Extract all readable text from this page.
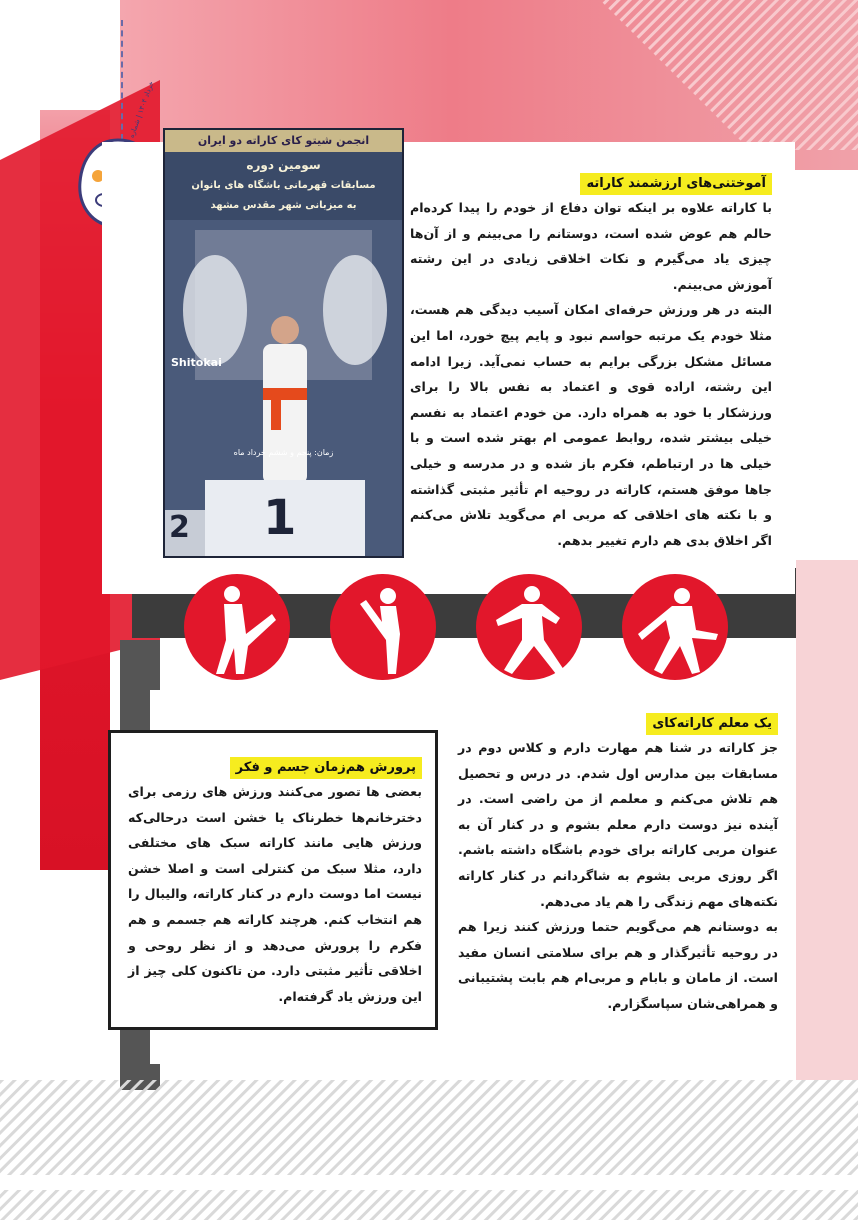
خرداد ۱۴۰۴ | شماره
انجمن شیتو کای کاراته دو ایران
سومین دوره
مسابقات قهرمانی باشگاه های بانوان
به میزبانی شهر مقدس مشهد
Shitokai
زمان: پنجم و ششم خرداد ماه
1
2
آموختنی‌های ارزشمند کاراته

با کاراته علاوه بر اینکه توان دفاع از خودم را پیدا کرده‌ام حالم هم عوض شده است، دوستانم را می‌بینم و از آن‌ها چیزی یاد می‌گیرم و نکات اخلاقی زیادی در این رشته آموزش می‌بینم.

البته در هر ورزش حرفه‌ای امکان آسیب دیدگی هم هست، مثلا خودم یک مرتبه حواسم نبود و پایم پیچ خورد، اما این مسائل مشکل بزرگی برایم به حساب نمی‌آید. زیرا ادامه این رشته، اراده قوی و اعتماد به نفس بالا را برای ورزشکار با خود به همراه دارد. من خودم اعتماد به نفسم خیلی بیشتر شده، روابط عمومی ام بهتر شده است و با خیلی ها در ارتباطم، فکرم باز شده و در مدرسه و خیلی جاها موفق هستم، کاراته در روحیه ام تأثیر مثبتی گذاشته و با نکته های اخلاقی که مربی ام می‌گوید تلاش می‌کنم اگر اخلاق بدی هم دارم تغییر بدهم.

یک معلم کاراته‌کای

جز کاراته در شنا هم مهارت دارم و کلاس دوم در مسابقات بین مدارس اول شدم. در درس و تحصیل هم تلاش می‌کنم و معلمم از من راضی است. در آینده نیز دوست دارم معلم بشوم و در کنار آن به عنوان مربی کاراته برای خودم باشگاه داشته باشم. اگر روزی مربی بشوم به شاگردانم در کنار کاراته نکته‌های مهم زندگی را هم یاد می‌دهم.

به دوستانم هم می‌گویم حتما ورزش کنند زیرا هم در روحیه تأثیرگذار و هم برای سلامتی انسان مفید است. از مامان و بابام و مربی‌ام هم بابت پشتیبانی و همراهی‌شان سپاسگزارم.

پرورش هم‌زمان جسم و فکر

بعضی ها تصور می‌کنند ورزش های رزمی برای دخترخانم‌ها خطرناک یا خشن است درحالی‌که ورزش هایی مانند کاراته سبک های مختلفی دارد، مثلا سبک من کنترلی است و اصلا خشن نیست اما دوست دارم در کنار کاراته، والیبال را هم انتخاب کنم. هرچند کاراته هم جسمم و هم فکرم را پرورش می‌دهد و از نظر روحی و اخلاقی تأثیر مثبتی دارد. من تاکنون کلی چیز از این ورزش یاد گرفته‌ام.
